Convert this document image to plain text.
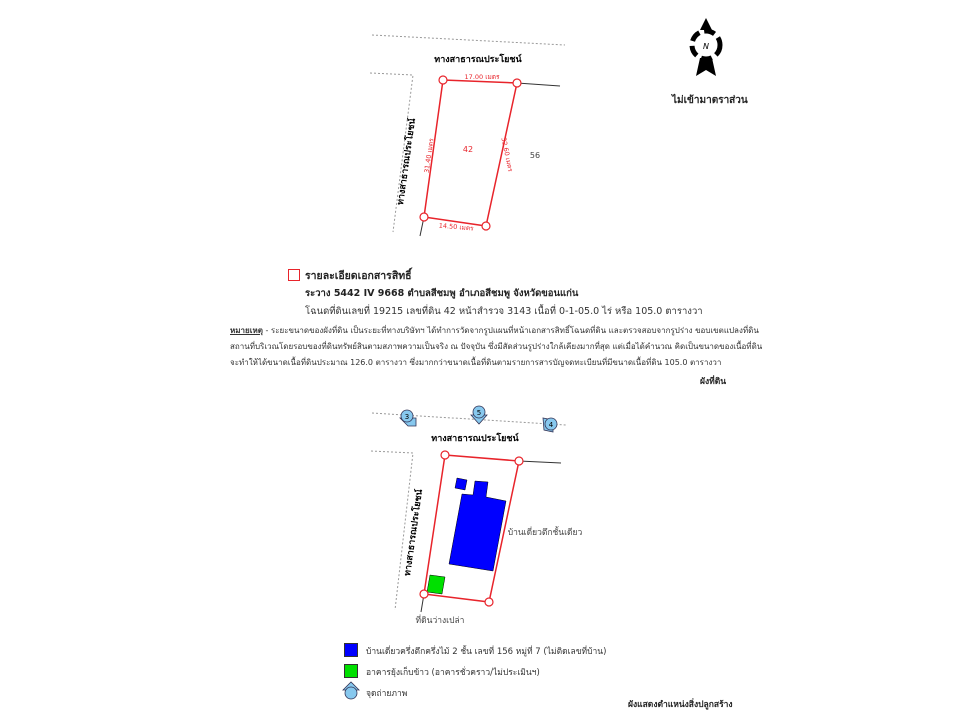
ทางสาธารณประโยชน์
ทางสาธารณประโยชน์
17.00 เมตร
31.40 เมตร	32.60 เมตร
14.50 เมตร
42
56
N
ทางสาธารณประโยชน์
ทางสาธารณประโยชน์	บ้านเดี่ยวตึกชั้นเดียว
ที่ดินว่างเปล่า
3	5
4
ไม่เข้ามาตราส่วน
รายละเอียดเอกสารสิทธิ์
ระวาง 5442 IV 9668 ตำบลสีชมพู อำเภอสีชมพู จังหวัดขอนแก่น
โฉนดที่ดินเลขที่ 19215 เลขที่ดิน 42 หน้าสำรวจ 3143 เนื้อที่ 0-1-05.0 ไร่ หรือ 105.0 ตารางวา
หมายเหตุ - ระยะขนาดของผังที่ดิน เป็นระยะที่ทางบริษัทฯ ได้ทำการวัดจากรูปแผนที่หน้าเอกสารสิทธิ์โฉนดที่ดิน และตรวจสอบจากรูปร่าง ขอบเขตแปลงที่ดิน
สถานที่บริเวณโดยรอบของที่ดินทรัพย์สินตามสภาพความเป็นจริง ณ ปัจจุบัน ซึ่งมีสัดส่วนรูปร่างใกล้เคียงมากที่สุด แต่เมื่อได้คำนวณ คิดเป็นขนาดของเนื้อที่ดิน
จะทำให้ได้ขนาดเนื้อที่ดินประมาณ 126.0 ตารางวา ซึ่งมากกว่าขนาดเนื้อที่ดินตามรายการสารบัญจดทะเบียนที่มีขนาดเนื้อที่ดิน 105.0 ตารางวา
ผังที่ดิน
บ้านเดี่ยวครึ่งตึกครึ่งไม้ 2 ชั้น เลขที่ 156 หมู่ที่ 7 (ไม่ติดเลขที่บ้าน)
อาคารยุ้งเก็บข้าว (อาคารชั่วคราว/ไม่ประเมินฯ)
จุดถ่ายภาพ
ผังแสดงตำแหน่งสิ่งปลูกสร้าง
